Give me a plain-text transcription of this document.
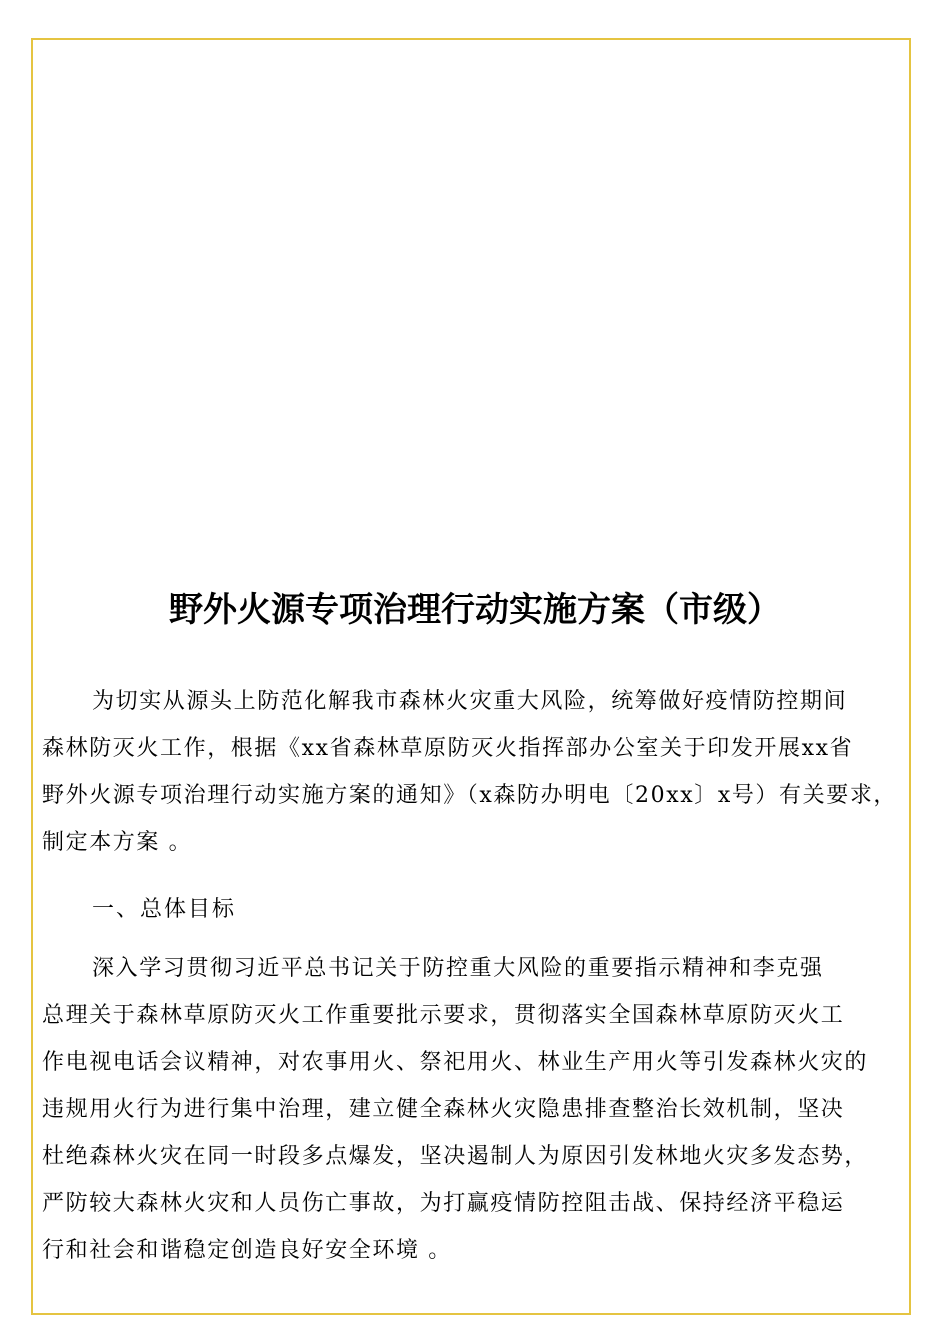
野外火源专项治理行动实施方案（市级）
为切实从源头上防范化解我市森林火灾重大风险，统筹做好疫情防控期间
森林防灭火工作，根据《xx省森林草原防灭火指挥部办公室关于印发开展xx省
野外火源专项治理行动实施方案的通知》（x森防办明电〔20xx〕x号）有关要求，
制定本方案 。
一、总体目标
深入学习贯彻习近平总书记关于防控重大风险的重要指示精神和李克强
总理关于森林草原防灭火工作重要批示要求，贯彻落实全国森林草原防灭火工
作电视电话会议精神，对农事用火、祭祀用火、林业生产用火等引发森林火灾的
违规用火行为进行集中治理，建立健全森林火灾隐患排查整治长效机制，坚决
杜绝森林火灾在同一时段多点爆发，坚决遏制人为原因引发林地火灾多发态势，
严防较大森林火灾和人员伤亡事故，为打赢疫情防控阻击战、保持经济平稳运
行和社会和谐稳定创造良好安全环境 。
